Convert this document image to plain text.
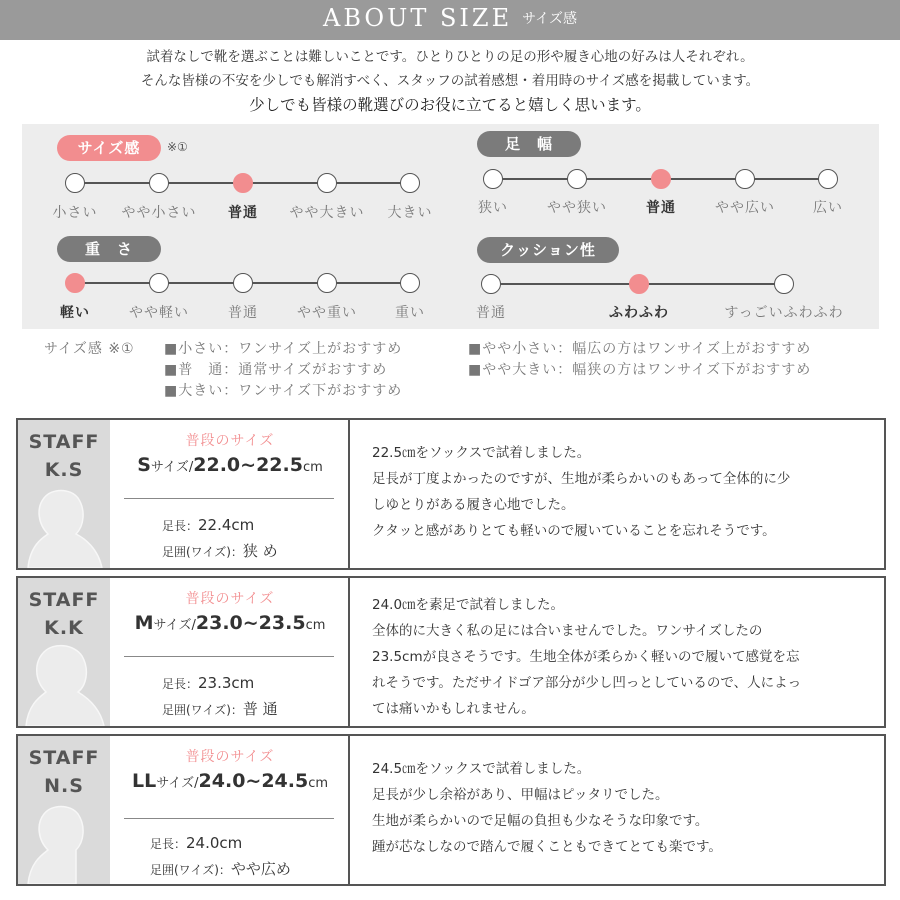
ABOUT SIZE サイズ感
試着なしで靴を選ぶことは難しいことです。ひとりひとりの足の形や履き心地の好みは人それぞれ。
そんな皆様の不安を少しでも解消すべく、スタッフの試着感想・着用時のサイズ感を掲載しています。
少しでも皆様の靴選びのお役に立てると嬉しく思います。
サイズ感	※①
小さい	やや小さい	普通	やや大きい	大きい
足　幅
狭い	やや狭い	普通	やや広い	広い
重　さ
軽い	やや軽い	普通	やや重い	重い
クッション性
普通	ふわふわ	すっごいふわふわ
サイズ感 ※① ■小さい：ワンサイズ上がおすすめ
■普　通：通常サイズがおすすめ
■大きい：ワンサイズ下がおすすめ
■やや小さい：幅広の方はワンサイズ上がおすすめ
■やや大きい：幅狭の方はワンサイズ下がおすすめ
STAFF
K.S
普段のサイズ
Sサイズ/22.0~22.5cm
足長：22.4cm
足囲(ワイズ)：狭 め

22.5㎝をソックスで試着しました。

足長が丁度よかったのですが、生地が柔らかいのもあって全体的に少

しゆとりがある履き心地でした。

クタッと感がありとても軽いので履いていることを忘れそうです。

STAFF
K.K
普段のサイズ
Mサイズ/23.0~23.5cm
足長：23.3cm
足囲(ワイズ)：普 通

24.0㎝を素足で試着しました。

全体的に大きく私の足には合いませんでした。ワンサイズしたの

23.5cmが良さそうです。生地全体が柔らかく軽いので履いて感覚を忘

れそうです。ただサイドゴア部分が少し凹っとしているので、人によっ

ては痛いかもしれません。

STAFF
N.S
普段のサイズ
LLサイズ/24.0~24.5cm
足長：24.0cm
足囲(ワイズ)：やや広め

24.5㎝をソックスで試着しました。

足長が少し余裕があり、甲幅はピッタリでした。

生地が柔らかいので足幅の負担も少なそうな印象です。

踵が芯なしなので踏んで履くこともできてとても楽です。
